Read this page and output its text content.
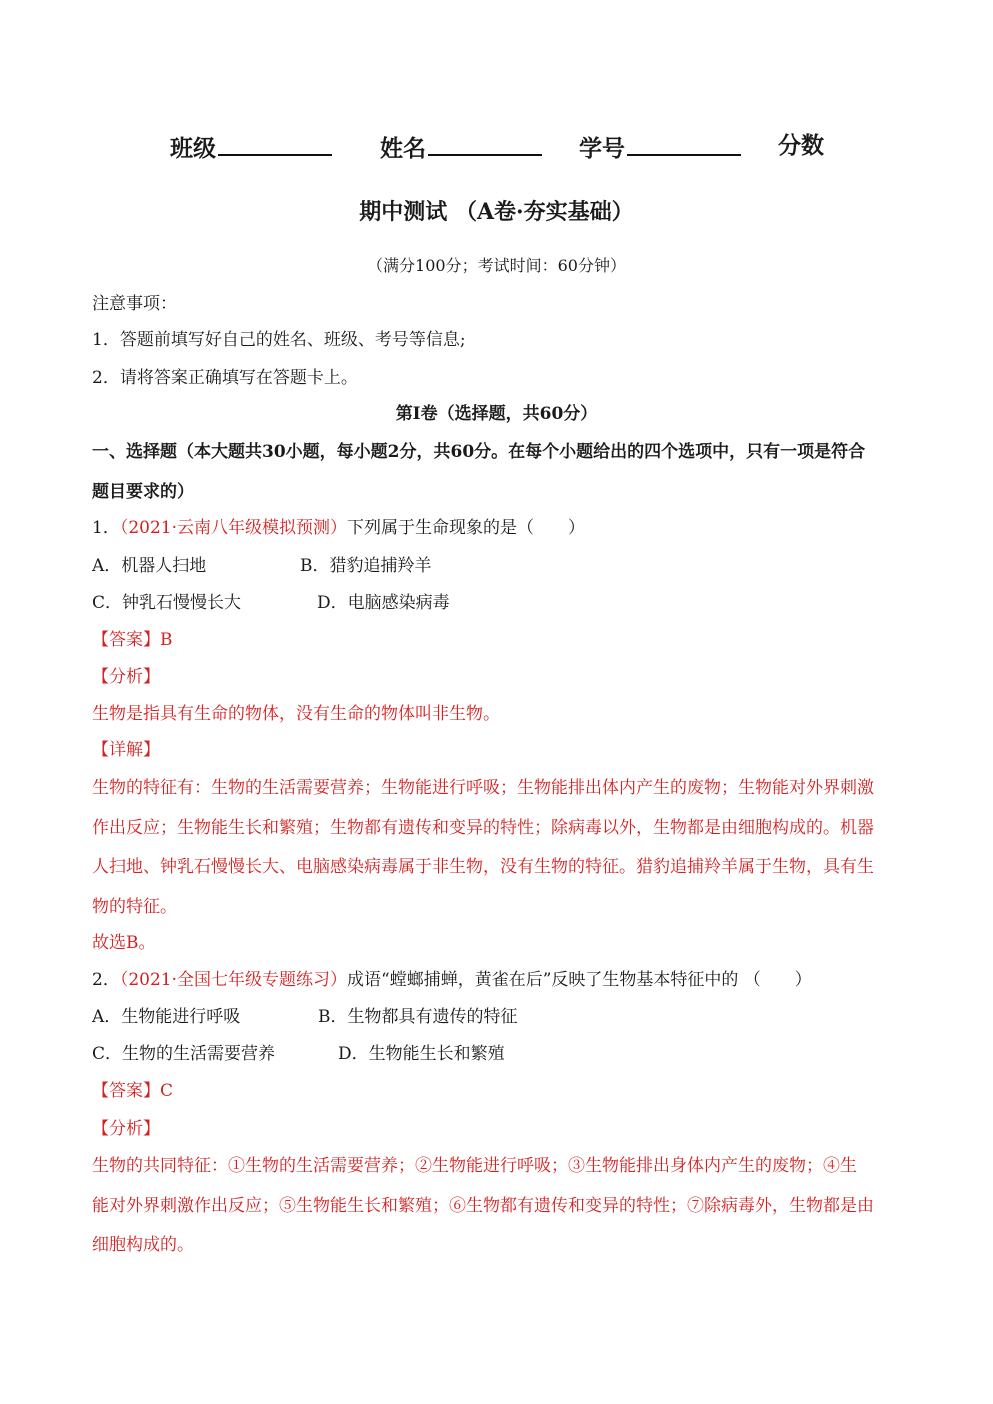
班级	姓名	学号	分数
期中测试 （A卷·夯实基础）
（满分100分；考试时间：60分钟）
注意事项：
1．答题前填写好自己的姓名、班级、考号等信息;
2．请将答案正确填写在答题卡上。
第I卷（选择题，共60分）
一、选择题（本大题共30小题，每小题2分，共60分。在每个小题给出的四个选项中，只有一项是符合
题目要求的）
1．（2021·云南八年级模拟预测）下列属于生命现象的是（　　）
A．机器人扫地	B．猎豹追捕羚羊
C．钟乳石慢慢长大	D．电脑感染病毒
【答案】B
【分析】
生物是指具有生命的物体，没有生命的物体叫非生物。
【详解】
生物的特征有：生物的生活需要营养；生物能进行呼吸；生物能排出体内产生的废物；生物能对外界刺激
作出反应；生物能生长和繁殖；生物都有遗传和变异的特性；除病毒以外，生物都是由细胞构成的。机器
人扫地、钟乳石慢慢长大、电脑感染病毒属于非生物，没有生物的特征。猎豹追捕羚羊属于生物，具有生
物的特征。
故选B。
2．（2021·全国七年级专题练习）成语“螳螂捕蝉，黄雀在后”反映了生物基本特征中的 （　　）
A．生物能进行呼吸	B．生物都具有遗传的特征
C．生物的生活需要营养	D．生物能生长和繁殖
【答案】C
【分析】
生物的共同特征：①生物的生活需要营养；②生物能进行呼吸；③生物能排出身体内产生的废物；④生
能对外界刺激作出反应；⑤生物能生长和繁殖；⑥生物都有遗传和变异的特性；⑦除病毒外，生物都是由
细胞构成的。
